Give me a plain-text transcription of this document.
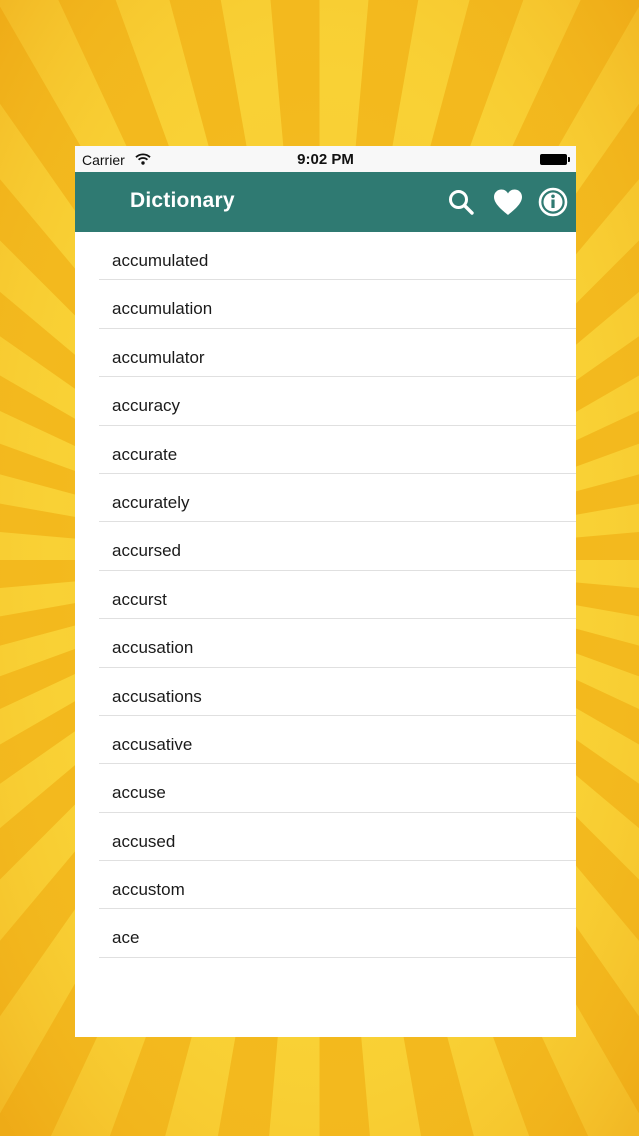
Carrier	9:02 PM
Dictionary
accumulated
accumulation
accumulator
accuracy
accurate
accurately
accursed
accurst
accusation
accusations
accusative
accuse
accused
accustom
ace
